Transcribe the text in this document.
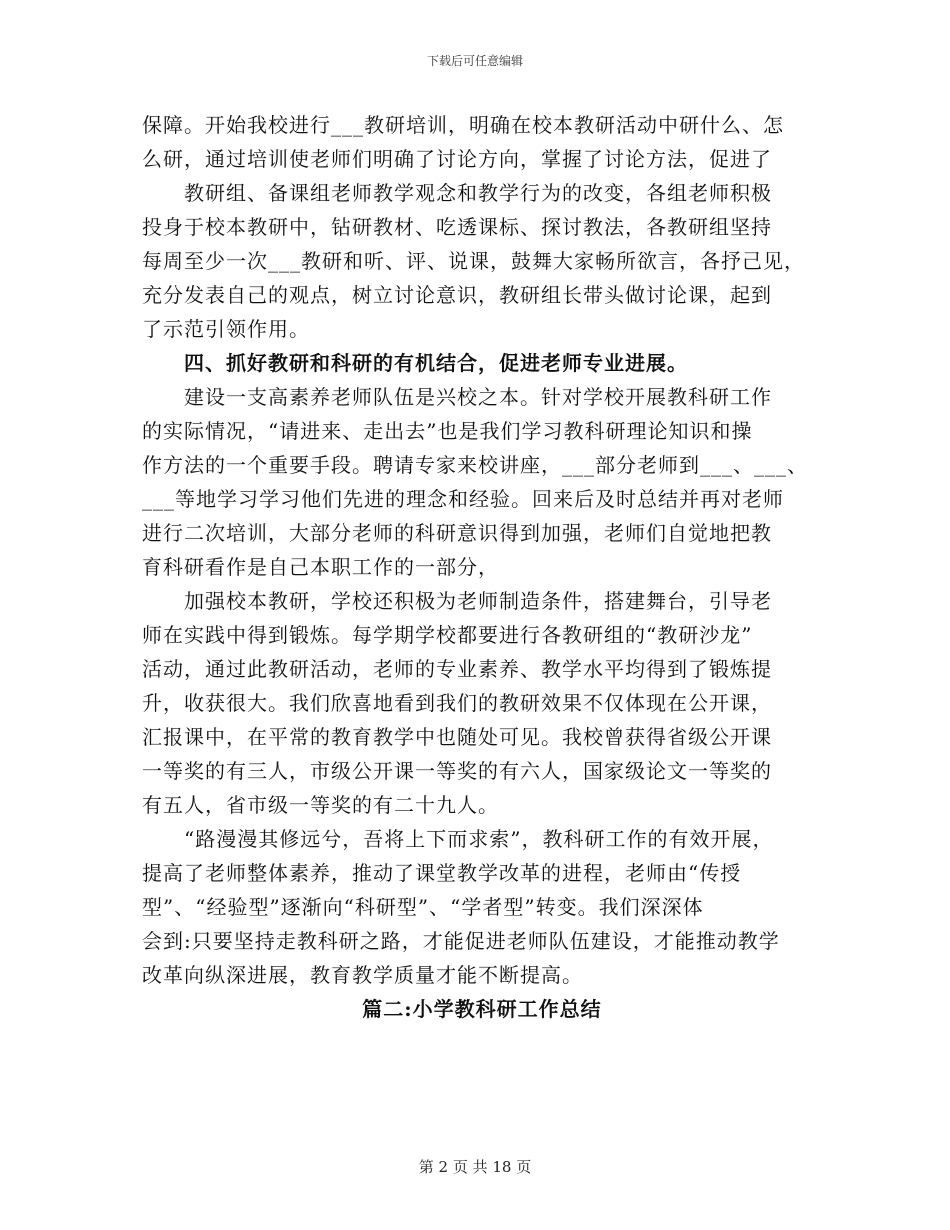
下载后可任意编辑
保障。开始我校进行___教研培训，明确在校本教研活动中研什么、怎
么研，通过培训使老师们明确了讨论方向，掌握了讨论方法，促进了
教研组、备课组老师教学观念和教学行为的改变，各组老师积极
投身于校本教研中，钻研教材、吃透课标、探讨教法，各教研组坚持
每周至少一次___教研和听、评、说课，鼓舞大家畅所欲言，各抒己见，
充分发表自己的观点，树立讨论意识，教研组长带头做讨论课，起到
了示范引领作用。
四、抓好教研和科研的有机结合，促进老师专业进展。
建设一支高素养老师队伍是兴校之本。针对学校开展教科研工作
的实际情况，“请进来、走出去”也是我们学习教科研理论知识和操
作方法的一个重要手段。聘请专家来校讲座，___部分老师到___、___、
___等地学习学习他们先进的理念和经验。回来后及时总结并再对老师
进行二次培训，大部分老师的科研意识得到加强，老师们自觉地把教
育科研看作是自己本职工作的一部分，
加强校本教研，学校还积极为老师制造条件，搭建舞台，引导老
师在实践中得到锻炼。每学期学校都要进行各教研组的“教研沙龙”
活动，通过此教研活动，老师的专业素养、教学水平均得到了锻炼提
升，收获很大。我们欣喜地看到我们的教研效果不仅体现在公开课，
汇报课中，在平常的教育教学中也随处可见。我校曾获得省级公开课
一等奖的有三人，市级公开课一等奖的有六人，国家级论文一等奖的
有五人，省市级一等奖的有二十九人。
“路漫漫其修远兮，吾将上下而求索”，教科研工作的有效开展，
提高了老师整体素养，推动了课堂教学改革的进程，老师由“传授
型”、“经验型”逐渐向“科研型”、“学者型”转变。我们深深体
会到:只要坚持走教科研之路，才能促进老师队伍建设，才能推动教学
改革向纵深进展，教育教学质量才能不断提高。
篇二:小学教科研工作总结
第 2 页 共 18 页
